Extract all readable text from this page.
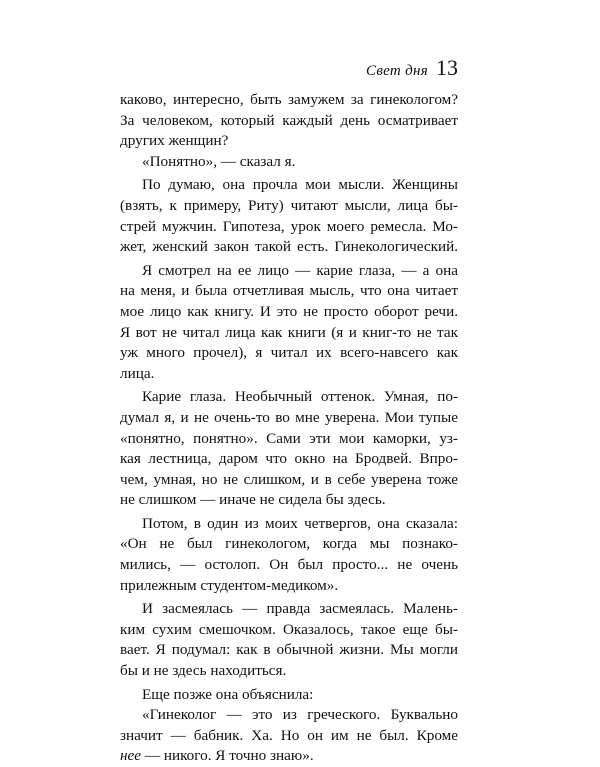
Свет дня 13
каково, интересно, быть замужем за гинекологом?
За человеком, который каждый день осматривает
других женщин?
«Понятно», — сказал я.
По думаю, она прочла мои мысли. Женщины
(взять, к примеру, Риту) читают мысли, лица бы-
стрей мужчин. Гипотеза, урок моего ремесла. Мо-
жет, женский закон такой есть. Гинекологический.
Я смотрел на ее лицо — карие глаза, — а она
на меня, и была отчетливая мысль, что она читает
мое лицо как книгу. И это не просто оборот речи.
Я вот не читал лица как книги (я и книг-то не так
уж много прочел), я читал их всего-навсего как
лица.
Карие глаза. Необычный оттенок. Умная, по-
думал я, и не очень-то во мне уверена. Мои тупые
«понятно, понятно». Сами эти мои каморки, уз-
кая лестница, даром что окно на Бродвей. Впро-
чем, умная, но не слишком, и в себе уверена тоже
не слишком — иначе не сидела бы здесь.
Потом, в один из моих четвергов, она сказала:
«Он не был гинекологом, когда мы познако-
мились, — остолоп. Он был просто... не очень
прилежным студентом-медиком».
И засмеялась — правда засмеялась. Малень-
ким сухим смешочком. Оказалось, такое еще бы-
вает. Я подумал: как в обычной жизни. Мы могли
бы и не здесь находиться.
Еще позже она объяснила:
«Гинеколог — это из греческого. Буквально
значит — бабник. Ха. Но он им не был. Кроме
нее — никого. Я точно знаю».
